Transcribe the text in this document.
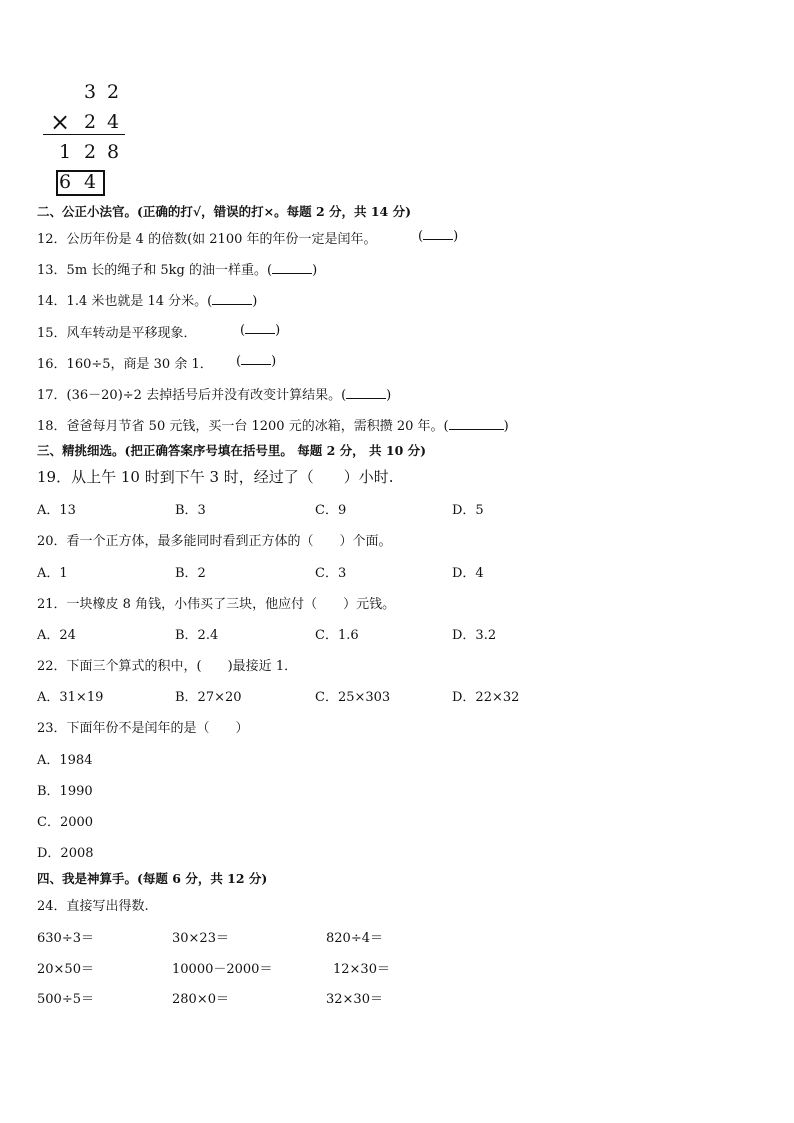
3 2
× 2 4
1 2 8
6 4
二、公正小法官。(正确的打√，错误的打×。每题 2 分，共 14 分)
12．公历年份是 4 的倍数(如 2100 年的年份一定是闰年。	( )
13．5m 长的绳子和 5kg 的油一样重。(	)
14．1.4 米也就是 14 分米。(	)
15．风车转动是平移现象．	( )
16．160÷5，商是 30 余 1． ( )
17．(36－20)÷2 去掉括号后并没有改变计算结果。(	)
18．爸爸每月节省 50 元钱，买一台 1200 元的冰箱，需积攒 20 年。(	)
三、精挑细选。(把正确答案序号填在括号里。 每题 2 分， 共 10 分)
19．从上午 10 时到下午 3 时，经过了（　　）小时.
A．13	B．3	C．9	D．5
20．看一个正方体，最多能同时看到正方体的（　　）个面。
A．1	B．2	C．3	D．4
21．一块橡皮 8 角钱，小伟买了三块，他应付（　　）元钱。
A．24	B．2.4	C．1.6	D．3.2
22．下面三个算式的积中，(　　)最接近 1．
A．31×19	B．27×20	C．25×303	D．22×32
23．下面年份不是闰年的是（　　）
A．1984
B．1990
C．2000
D．2008
四、我是神算手。(每题 6 分，共 12 分)
24．直接写出得数.
630÷3＝	30×23＝	820÷4＝
20×50＝	10000－2000＝	12×30＝
500÷5＝	280×0＝	32×30＝
